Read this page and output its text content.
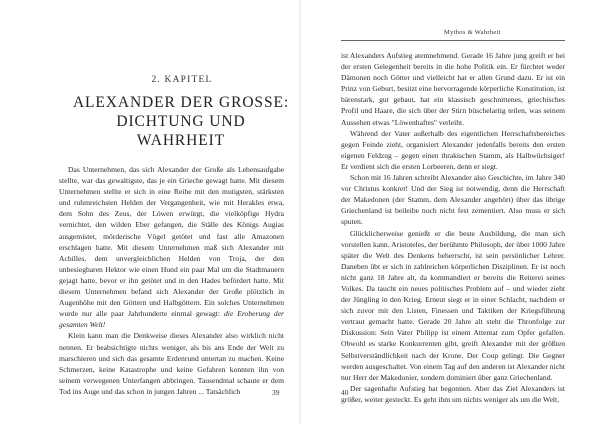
2. KAPITEL
ALEXANDER DER GROSSE:
DICHTUNG UND WAHRHEIT

Das Unternehmen, das sich Alexander der Große als Lebensaufgabe stellte, war das gewaltigste, das je ein Grieche gewagt hatte. Mit diesem Unternehmen stellte er sich in eine Reihe mit den mutigsten, stärksten und ruhmreichsten Helden der Vergangenheit, wie mit Herakles etwa, dem Sohn des Zeus, der Löwen erwürgt, die vielköpfige Hydra vernichtet, den wilden Eber gefangen, die Ställe des Königs Augias ausgemistet, mörderische Vögel getötet und fast alle Amazonen erschlagen hatte. Mit diesem Unternehmen maß sich Alexander mit Achilles, dem unvergleichlichen Helden von Troja, der den unbesiegbaren Hektor wie einen Hund ein paar Mal um die Stadtmauern gejagt hatte, bevor er ihn getötet und in den Hades befördert hatte. Mit diesem Unternehmen befand sich Alexander der Große plötzlich in Augenhöhe mit den Göttern und Halbgöttern. Ein solches Unternehmen wurde nur alle paar Jahrhunderte einmal gewagt: die Eroberung der gesamten Welt!

Klein kann man die Denkweise dieses Alexander also wirklich nicht nennen. Er beabsichtigte nichts weniger, als bis ans Ende der Welt zu marschieren und sich das gesamte Erdenrund untertan zu machen. Keine Schmerzen, keine Katastrophe und keine Gefahren konnten ihn von seinem verwegenen Unterfangen abbringen. Tausendmal schaute er dem Tod ins Auge und das schon in jungen Jahren ... Tatsächlich	39
Mythos & Wahrheit

ist Alexanders Aufstieg atemnehmend. Gerade 16 Jahre jung greift er bei der ersten Gelegenheit bereits in die hohe Politik ein. Er fürchtet weder Dämonen noch Götter und vielleicht hat er allen Grund dazu. Er ist ein Prinz von Geburt, besitzt eine hervorragende körperliche Konstitution, ist bärenstark, gut gebaut, hat ein klassisch geschnittenes, griechisches Profil und Haare, die sich über der Stirn büschelartig teilen, was seinem Aussehen etwas "Löwenhaftes" verleiht.

Während der Vater außerhalb des eigentlichen Herrschaftsbereiches gegen Feinde zieht, organisiert Alexander jedenfalls bereits den ersten eigenen Feldzug – gegen einen thrakischen Stamm, als Halbwüchsiger! Er verdient sich die ersten Lorbeeren, denn er siegt.

Schon mit 16 Jahren schreibt Alexander also Geschichte, im Jahre 340 vor Christus konkret! Und der Sieg ist notwendig, denn die Herrschaft der Makedonen (der Stamm, dem Alexander angehört) über das übrige Griechenland ist beileibe noch nicht fest zementiert. Also muss er sich sputen.

Glücklicherweise genießt er die beste Ausbildung, die man sich vorstellen kann. Aristoteles, der berühmte Philosoph, der über 1000 Jahre später die Welt des Denkens beherrscht, ist sein persönlicher Lehrer. Daneben übt er sich in zahlreichen körperlichen Disziplinen. Er ist noch nicht ganz 18 Jahre alt, da kommandiert er bereits die Reiterei seines Volkes. Da taucht ein neues politisches Problem auf – und wieder zieht der Jüngling in den Krieg. Erneut siegt er in einer Schlacht, nachdem er sich zuvor mit den Listen, Finessen und Taktiken der Kriegsführung vertraut gemacht hatte. Gerade 20 Jahre alt steht die Thronfolge zur Diskussion: Sein Vater Philipp ist einem Attentat zum Opfer gefallen. Obwohl es starke Konkurrenten gibt, greift Alexander mit der größten Selbstverständlichkeit nach der Krone. Der Coup gelingt. Die Gegner werden ausgeschaltet. Von einem Tag auf den anderen ist Alexander nicht nur Herr der Makedonier, sondern dominiert über ganz Griechenland.

Der sagenhafte Aufstieg hat begonnen. Aber das Ziel Alexanders ist größer, weiter gesteckt. Es geht ihm um nichts weniger als um die Welt,

40
